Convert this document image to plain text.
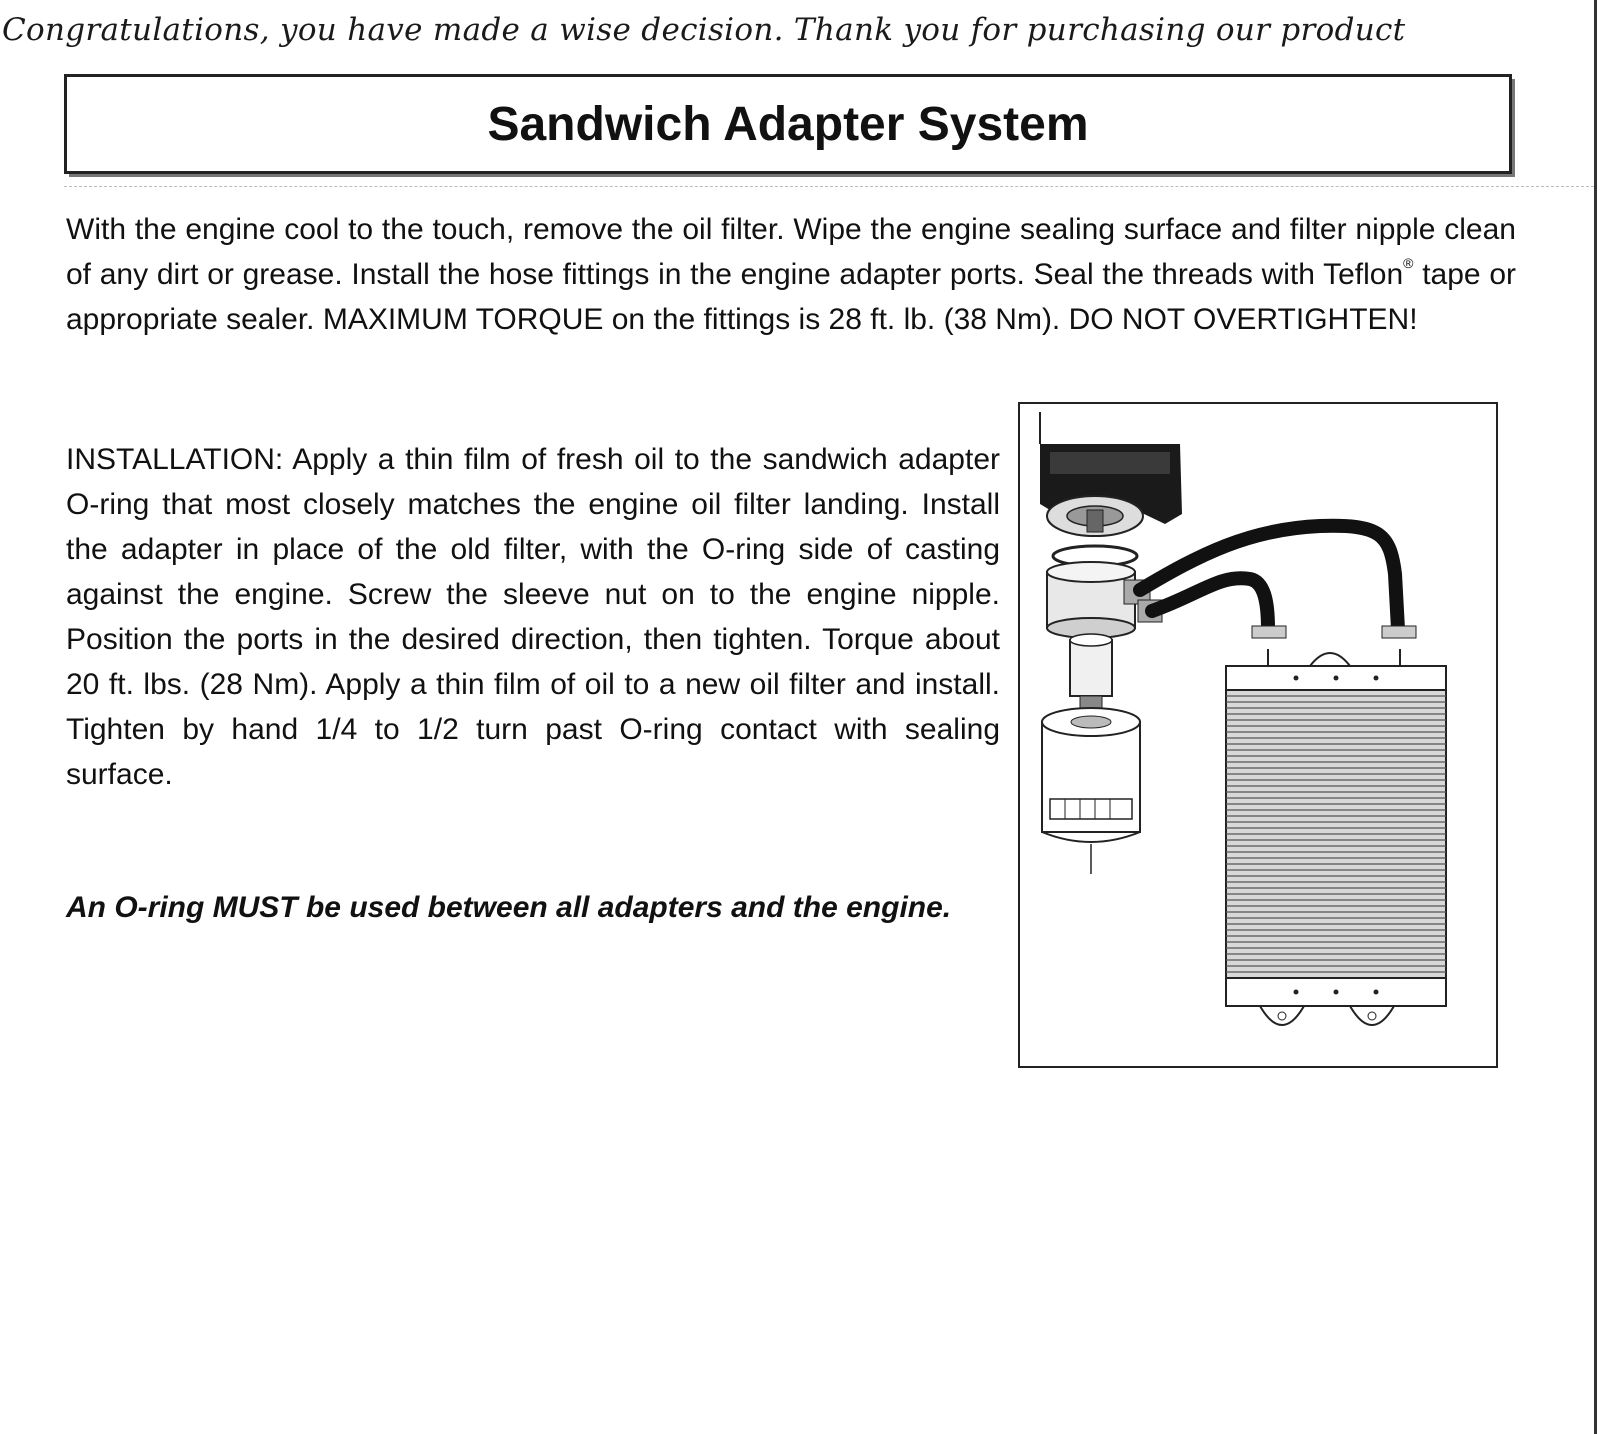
Congratulations, you have made a wise decision. Thank you for purchasing our product
Sandwich Adapter System

With the engine cool to the touch, remove the oil filter. Wipe the engine sealing surface and filter nipple clean of any dirt or grease. Install the hose fittings in the engine adapter ports. Seal the threads with Teflon® tape or appropriate sealer. MAXIMUM TORQUE on the fittings is 28 ft. lb. (38 Nm). DO NOT OVERTIGHTEN!

INSTALLATION: Apply a thin film of fresh oil to the sandwich adapter O-ring that most closely matches the engine oil filter landing. Install the adapter in place of the old filter, with the O-ring side of casting against the engine. Screw the sleeve nut on to the engine nipple. Position the ports in the desired direction, then tighten. Torque about 20 ft. lbs. (28 Nm). Apply a thin film of oil to a new oil filter and install. Tighten by hand 1/4 to 1/2 turn past O-ring contact with sealing surface.

An O-ring MUST be used between all adapters and the engine.
